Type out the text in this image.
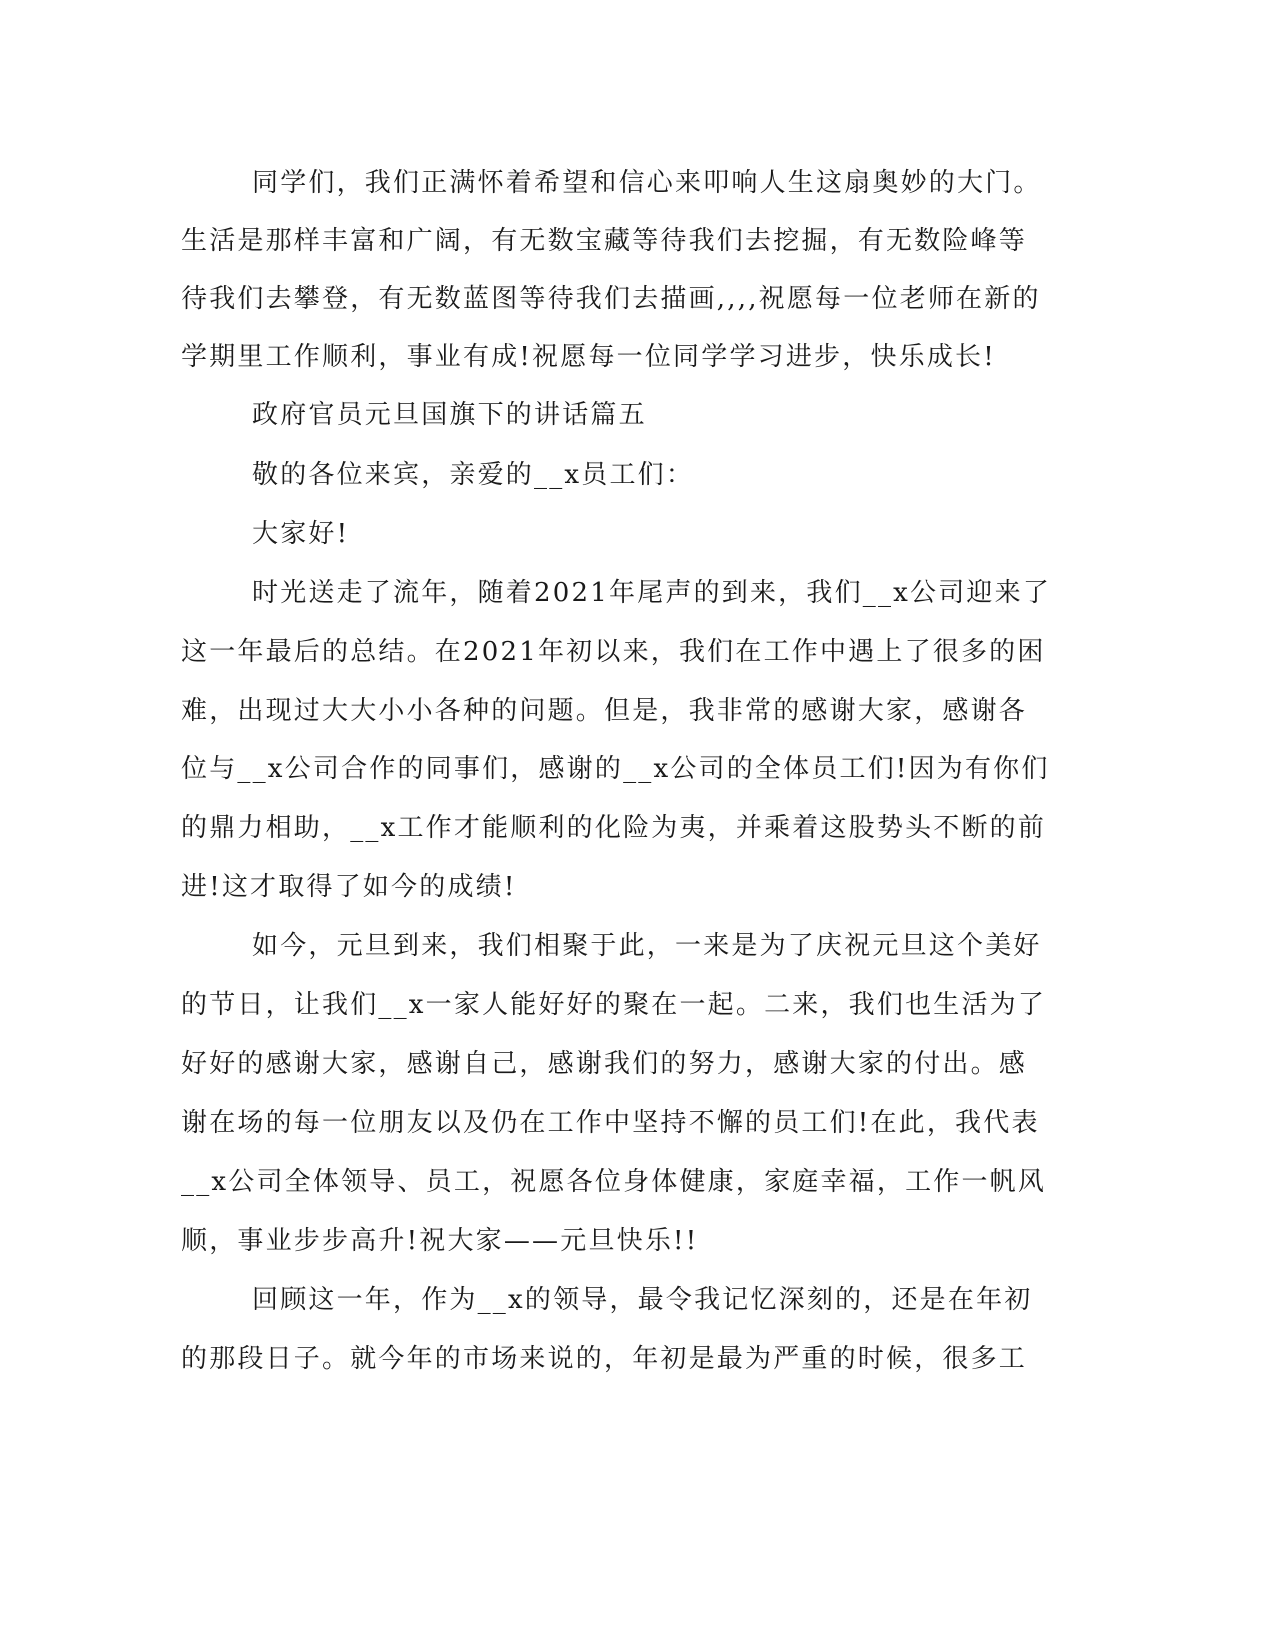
同学们，我们正满怀着希望和信心来叩响人生这扇奥妙的大门。

生活是那样丰富和广阔，有无数宝藏等待我们去挖掘，有无数险峰等

待我们去攀登，有无数蓝图等待我们去描画,,,,祝愿每一位老师在新的

学期里工作顺利，事业有成!祝愿每一位同学学习进步，快乐成长!

政府官员元旦国旗下的讲话篇五

敬的各位来宾，亲爱的__x员工们：

大家好!

时光送走了流年，随着2021年尾声的到来，我们__x公司迎来了

这一年最后的总结。在2021年初以来，我们在工作中遇上了很多的困

难，出现过大大小小各种的问题。但是，我非常的感谢大家，感谢各

位与__x公司合作的同事们，感谢的__x公司的全体员工们!因为有你们

的鼎力相助，__x工作才能顺利的化险为夷，并乘着这股势头不断的前

进!这才取得了如今的成绩!

如今，元旦到来，我们相聚于此，一来是为了庆祝元旦这个美好

的节日，让我们__x一家人能好好的聚在一起。二来，我们也生活为了

好好的感谢大家，感谢自己，感谢我们的努力，感谢大家的付出。感

谢在场的每一位朋友以及仍在工作中坚持不懈的员工们!在此，我代表

__x公司全体领导、员工，祝愿各位身体健康，家庭幸福，工作一帆风

顺，事业步步高升!祝大家——元旦快乐!!

回顾这一年，作为__x的领导，最令我记忆深刻的，还是在年初

的那段日子。就今年的市场来说的，年初是最为严重的时候，很多工
